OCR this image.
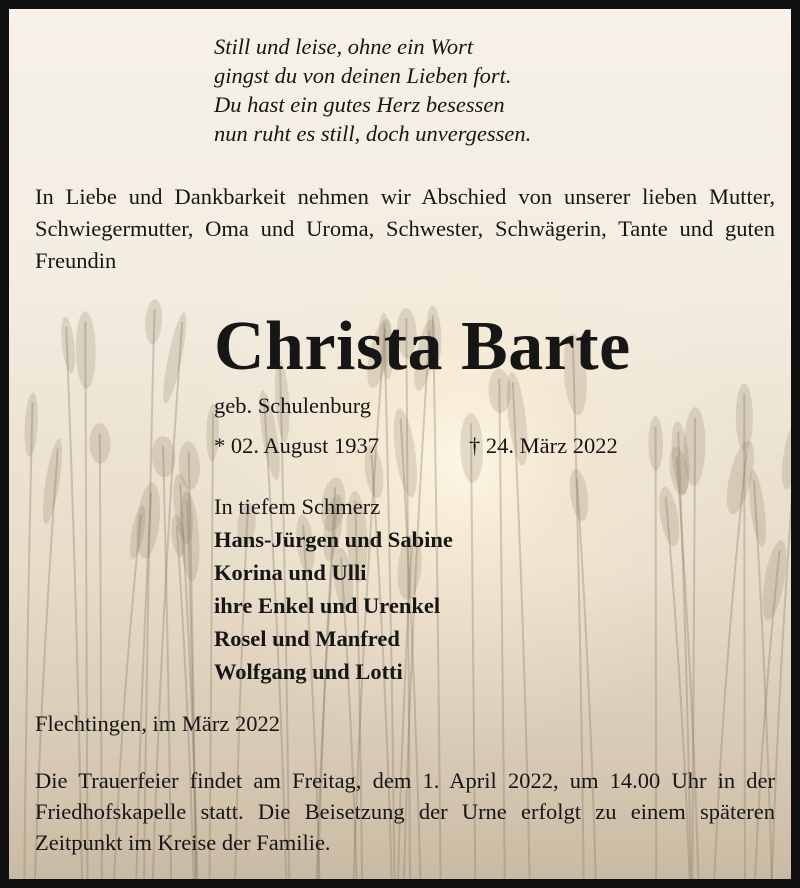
Still und leise, ohne ein Wort
gingst du von deinen Lieben fort.
Du hast ein gutes Herz besessen
nun ruht es still, doch unvergessen.

In Liebe und Dankbarkeit nehmen wir Abschied von unserer lieben Mutter, Schwiegermutter, Oma und Uroma, Schwester, Schwägerin, Tante und guten Freundin

Christa Barte
geb. Schulenburg
* 02. August 1937	† 24. März 2022
In tiefem Schmerz
Hans-Jürgen und Sabine
Korina und Ulli
ihre Enkel und Urenkel
Rosel und Manfred
Wolfgang und Lotti
Flechtingen, im März 2022

Die Trauerfeier findet am Freitag, dem 1. April 2022, um 14.00 Uhr in der Friedhofskapelle statt. Die Beisetzung der Urne erfolgt zu einem späteren Zeitpunkt im Kreise der Familie.
